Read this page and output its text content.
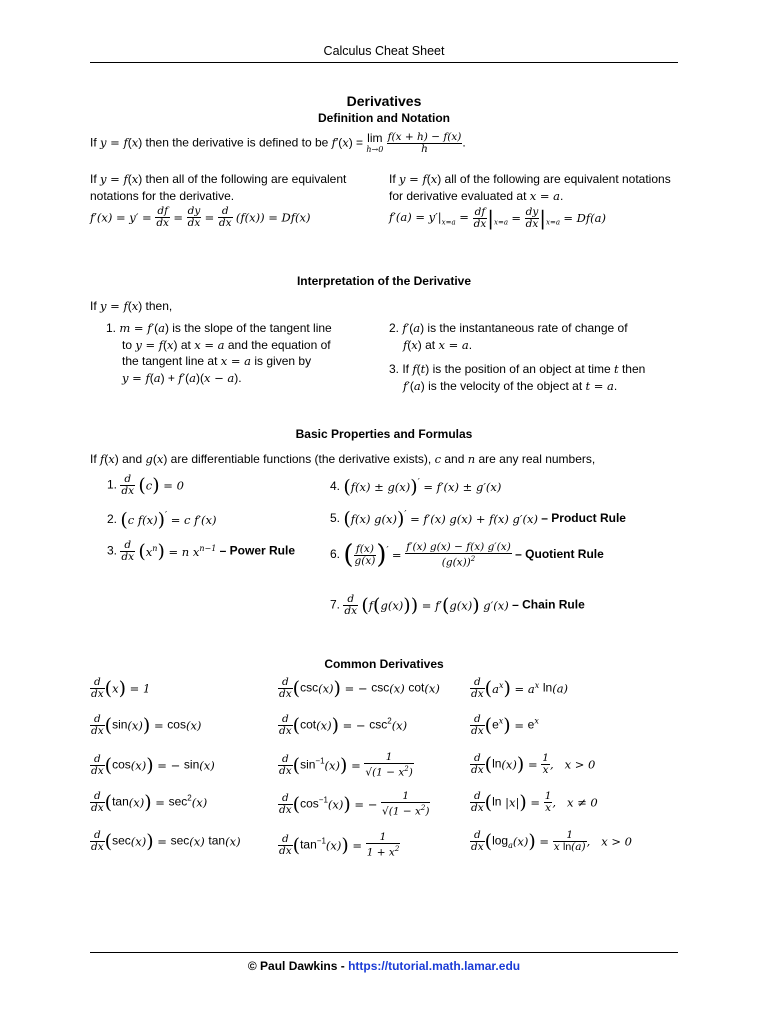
Calculus Cheat Sheet
Derivatives
Definition and Notation
If y = f(x) then the derivative is defined to be f′(x) = lim
h→0
$\frac{f(x + h) - f(x)}{h}$ .
If y = f(x) then all of the following are equivalent notations for the derivative.
$f'(x) = y' = \frac{df}{dx} = \frac{dy}{dx} = \frac{d}{dx} (f(x)) = Df(x)$
If y = f(x) all of the following are equivalent notations for derivative evaluated at x = a.
$f'(a) = y'|_{x=a} = \frac{df}{dx} |_{x=a} = \frac{dy}{dx} |_{x=a} = Df(a)$
Interpretation of the Derivative
If y = f(x) then,
1. m = f′(a) is the slope of the tangent line
to y = f(x) at x = a and the equation of
the tangent line at x = a is given by
y = f(a) + f′(a)(x − a).
2. f′(a) is the instantaneous rate of change of
f(x) at x = a.
3. If f(t) is the position of an object at time t then
f′(a) is the velocity of the object at t = a.
Basic Properties and Formulas
If f(x) and g(x) are differentiable functions (the derivative exists), c and n are any real numbers,
1. $\frac{d}{dx} (c) = 0$
2. (c f(x))′ = c f′(x)
3. $\frac{d}{dx} (x^n) = n$ $x^{n-1}$ – Power Rule
4. (f(x) ± g(x))′ = f′(x) ± g′(x)
5. (f(x) g(x))′ = f′(x) g(x) + f(x) g′(x) – Product Rule
6. ( $\frac{f(x)}{g(x)} )' = \frac{f'(x) g(x) - f(x) g'(x)}{(g(x))^2}$ – Quotient Rule
7. $\frac{d}{dx} (f(g(x))) = f'(g(x))$ g′(x) – Chain Rule
Common Derivatives
$\frac{d}{dx} (x) = 1$
$\frac{d}{dx} (\sin(x)) = \cos(x)$
$\frac{d}{dx} (\cos(x))$ = − sin(x)
$\frac{d}{dx} (\tan(x)) = \sec^2(x)$
$\frac{d}{dx} (\sec(x)) = \sec(x)$ tan(x)
$\frac{d}{dx} (\csc(x))$ = − csc(x) cot(x)
$\frac{d}{dx} (\cot(x))$ = − $\csc^2(x)$
$\frac{d}{dx} (\sin^{-1}(x)) = \frac{1}{√(1 - x^2)}$
$\frac{d}{dx} (\cos^{-1}(x))$ = − $\frac{1}{√(1 - x^2)}$
$\frac{d}{dx} (\tan^{-1}(x)) = \frac{1}{1 + x^2}$
$\frac{d}{dx} (a^x) = a^x$ ln(a)
$\frac{d}{dx} (e^x) = e^x$
$\frac{d}{dx} (\ln(x)) = \frac{1}{x}$ ,   x > 0
$\frac{d}{dx} (\ln$ $|x|) = \frac{1}{x}$ ,   x ≠ 0
$\frac{d}{dx} (\log_a(x)) = \frac{1}{\text{x ln(a)}}$ ,   x > 0
© Paul Dawkins - https://tutorial.math.lamar.edu
